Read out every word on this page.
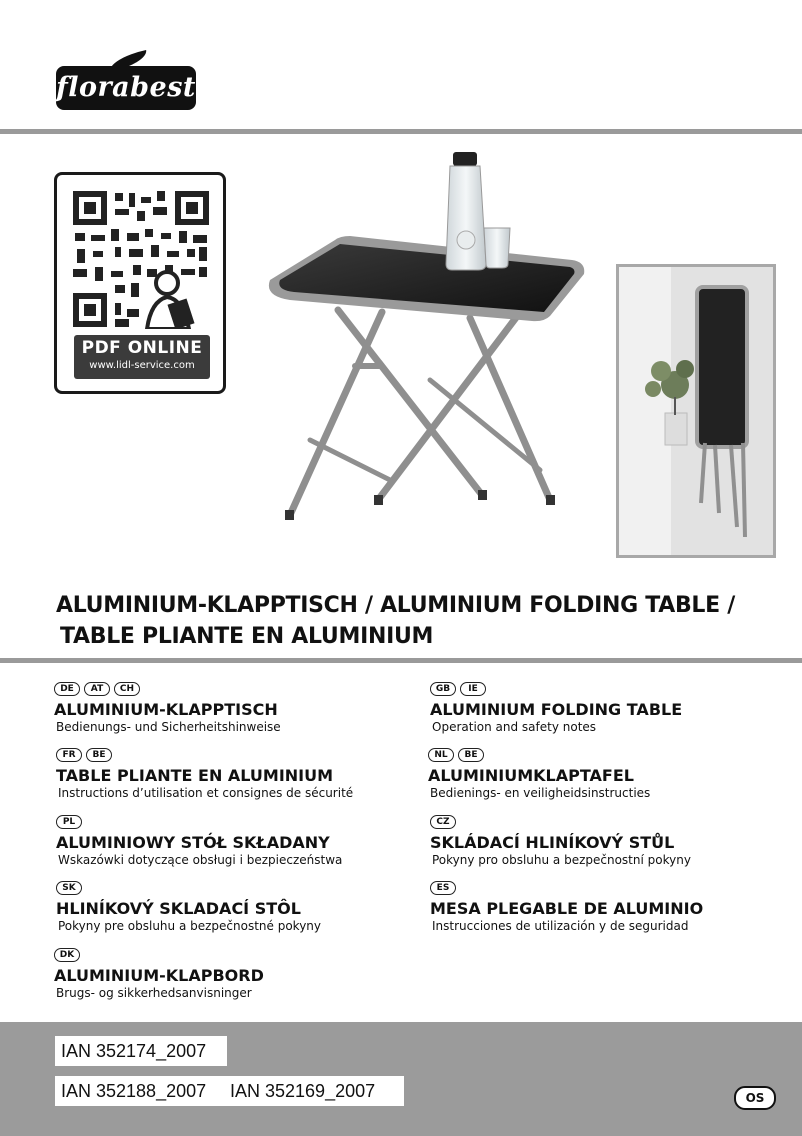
florabest
PDF ONLINE
www.lidl-service.com
ALUMINIUM-KLAPPTISCH / ALUMINIUM FOLDING TABLE /
TABLE PLIANTE EN ALUMINIUM
DE	AT	CH
ALUMINIUM-KLAPPTISCH
Bedienungs- und Sicherheitshinweise
FR	BE
TABLE PLIANTE EN ALUMINIUM
Instructions d’utilisation et consignes de sécurité
PL
ALUMINIOWY STÓŁ SKŁADANY
Wskazówki dotyczące obsługi i bezpieczeństwa
SK
HLINÍKOVÝ SKLADACÍ STÔL
Pokyny pre obsluhu a bezpečnostné pokyny
DK
ALUMINIUM-KLAPBORD
Brugs- og sikkerhedsanvisninger
GB	IE
ALUMINIUM FOLDING TABLE
Operation and safety notes
NL	BE
ALUMINIUMKLAPTAFEL
Bedienings- en veiligheidsinstructies
CZ
SKLÁDACÍ HLINÍKOVÝ STŮL
Pokyny pro obsluhu a bezpečnostní pokyny
ES
MESA PLEGABLE DE ALUMINIO
Instrucciones de utilización y de seguridad
IAN 352174_2007
IAN 352188_2007	IAN 352169_2007	OS
